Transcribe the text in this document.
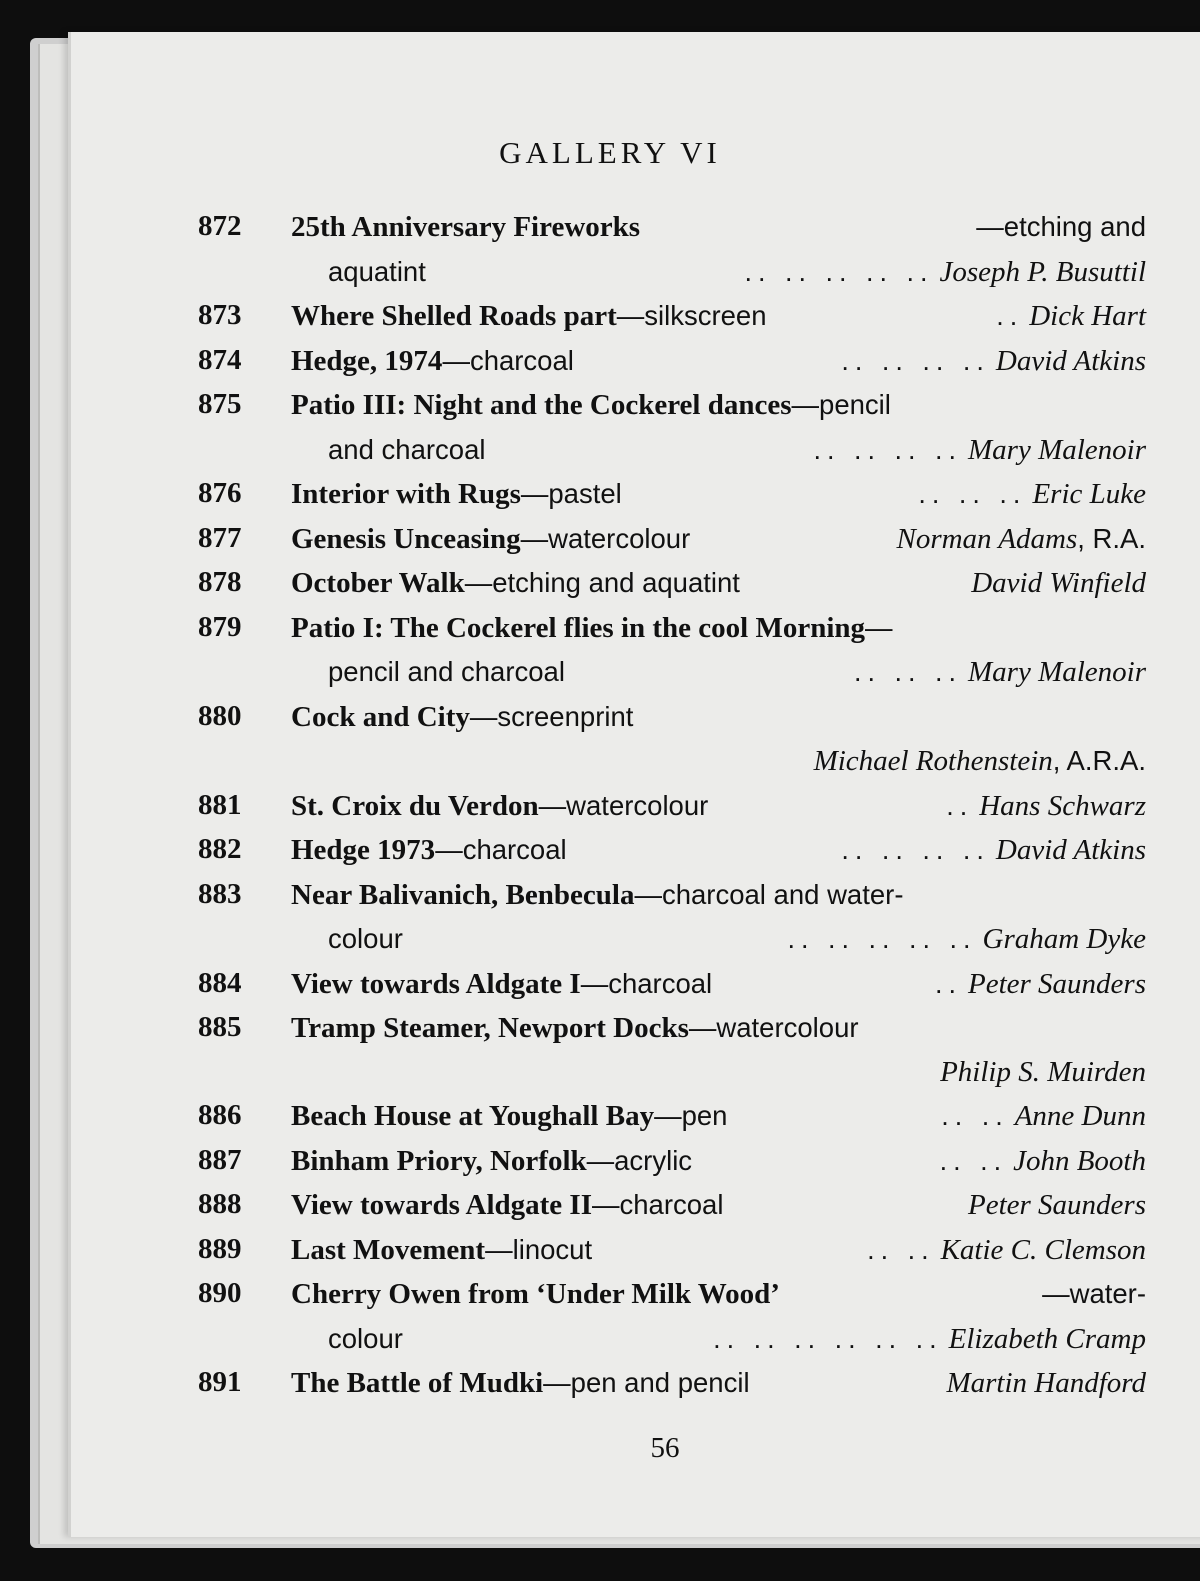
GALLERY VI
872	25th Anniversary Fireworks	—etching and
aquatint	.. .. .. .. .. Joseph P. Busuttil
873	Where Shelled Roads part —silkscreen	.. Dick Hart
874	Hedge, 1974 —charcoal	.. .. .. .. David Atkins
875	Patio III: Night and the Cockerel dances —pencil
and charcoal	.. .. .. .. Mary Malenoir
876	Interior with Rugs —pastel	.. .. .. Eric Luke
877	Genesis Unceasing —watercolour	Norman Adams , R.A.
878	October Walk —etching and aquatint	David Winfield
879	Patio I: The Cockerel flies in the cool Morning —
pencil and charcoal	.. .. .. Mary Malenoir
880	Cock and City —screenprint
Michael Rothenstein , A.R.A.
881	St. Croix du Verdon —watercolour	.. Hans Schwarz
882	Hedge 1973 —charcoal	.. .. .. .. David Atkins
883	Near Balivanich, Benbecula —charcoal and water-
colour	.. .. .. .. .. Graham Dyke
884	View towards Aldgate I —charcoal	.. Peter Saunders
885	Tramp Steamer, Newport Docks —watercolour
Philip S. Muirden
886	Beach House at Youghall Bay —pen	.. .. Anne Dunn
887	Binham Priory, Norfolk —acrylic	.. .. John Booth
888	View towards Aldgate II —charcoal	Peter Saunders
889	Last Movement —linocut	.. .. Katie C. Clemson
890	Cherry Owen from ‘Under Milk Wood’	—water-
colour	.. .. .. .. .. .. Elizabeth Cramp
891	The Battle of Mudki —pen and pencil	Martin Handford
56
